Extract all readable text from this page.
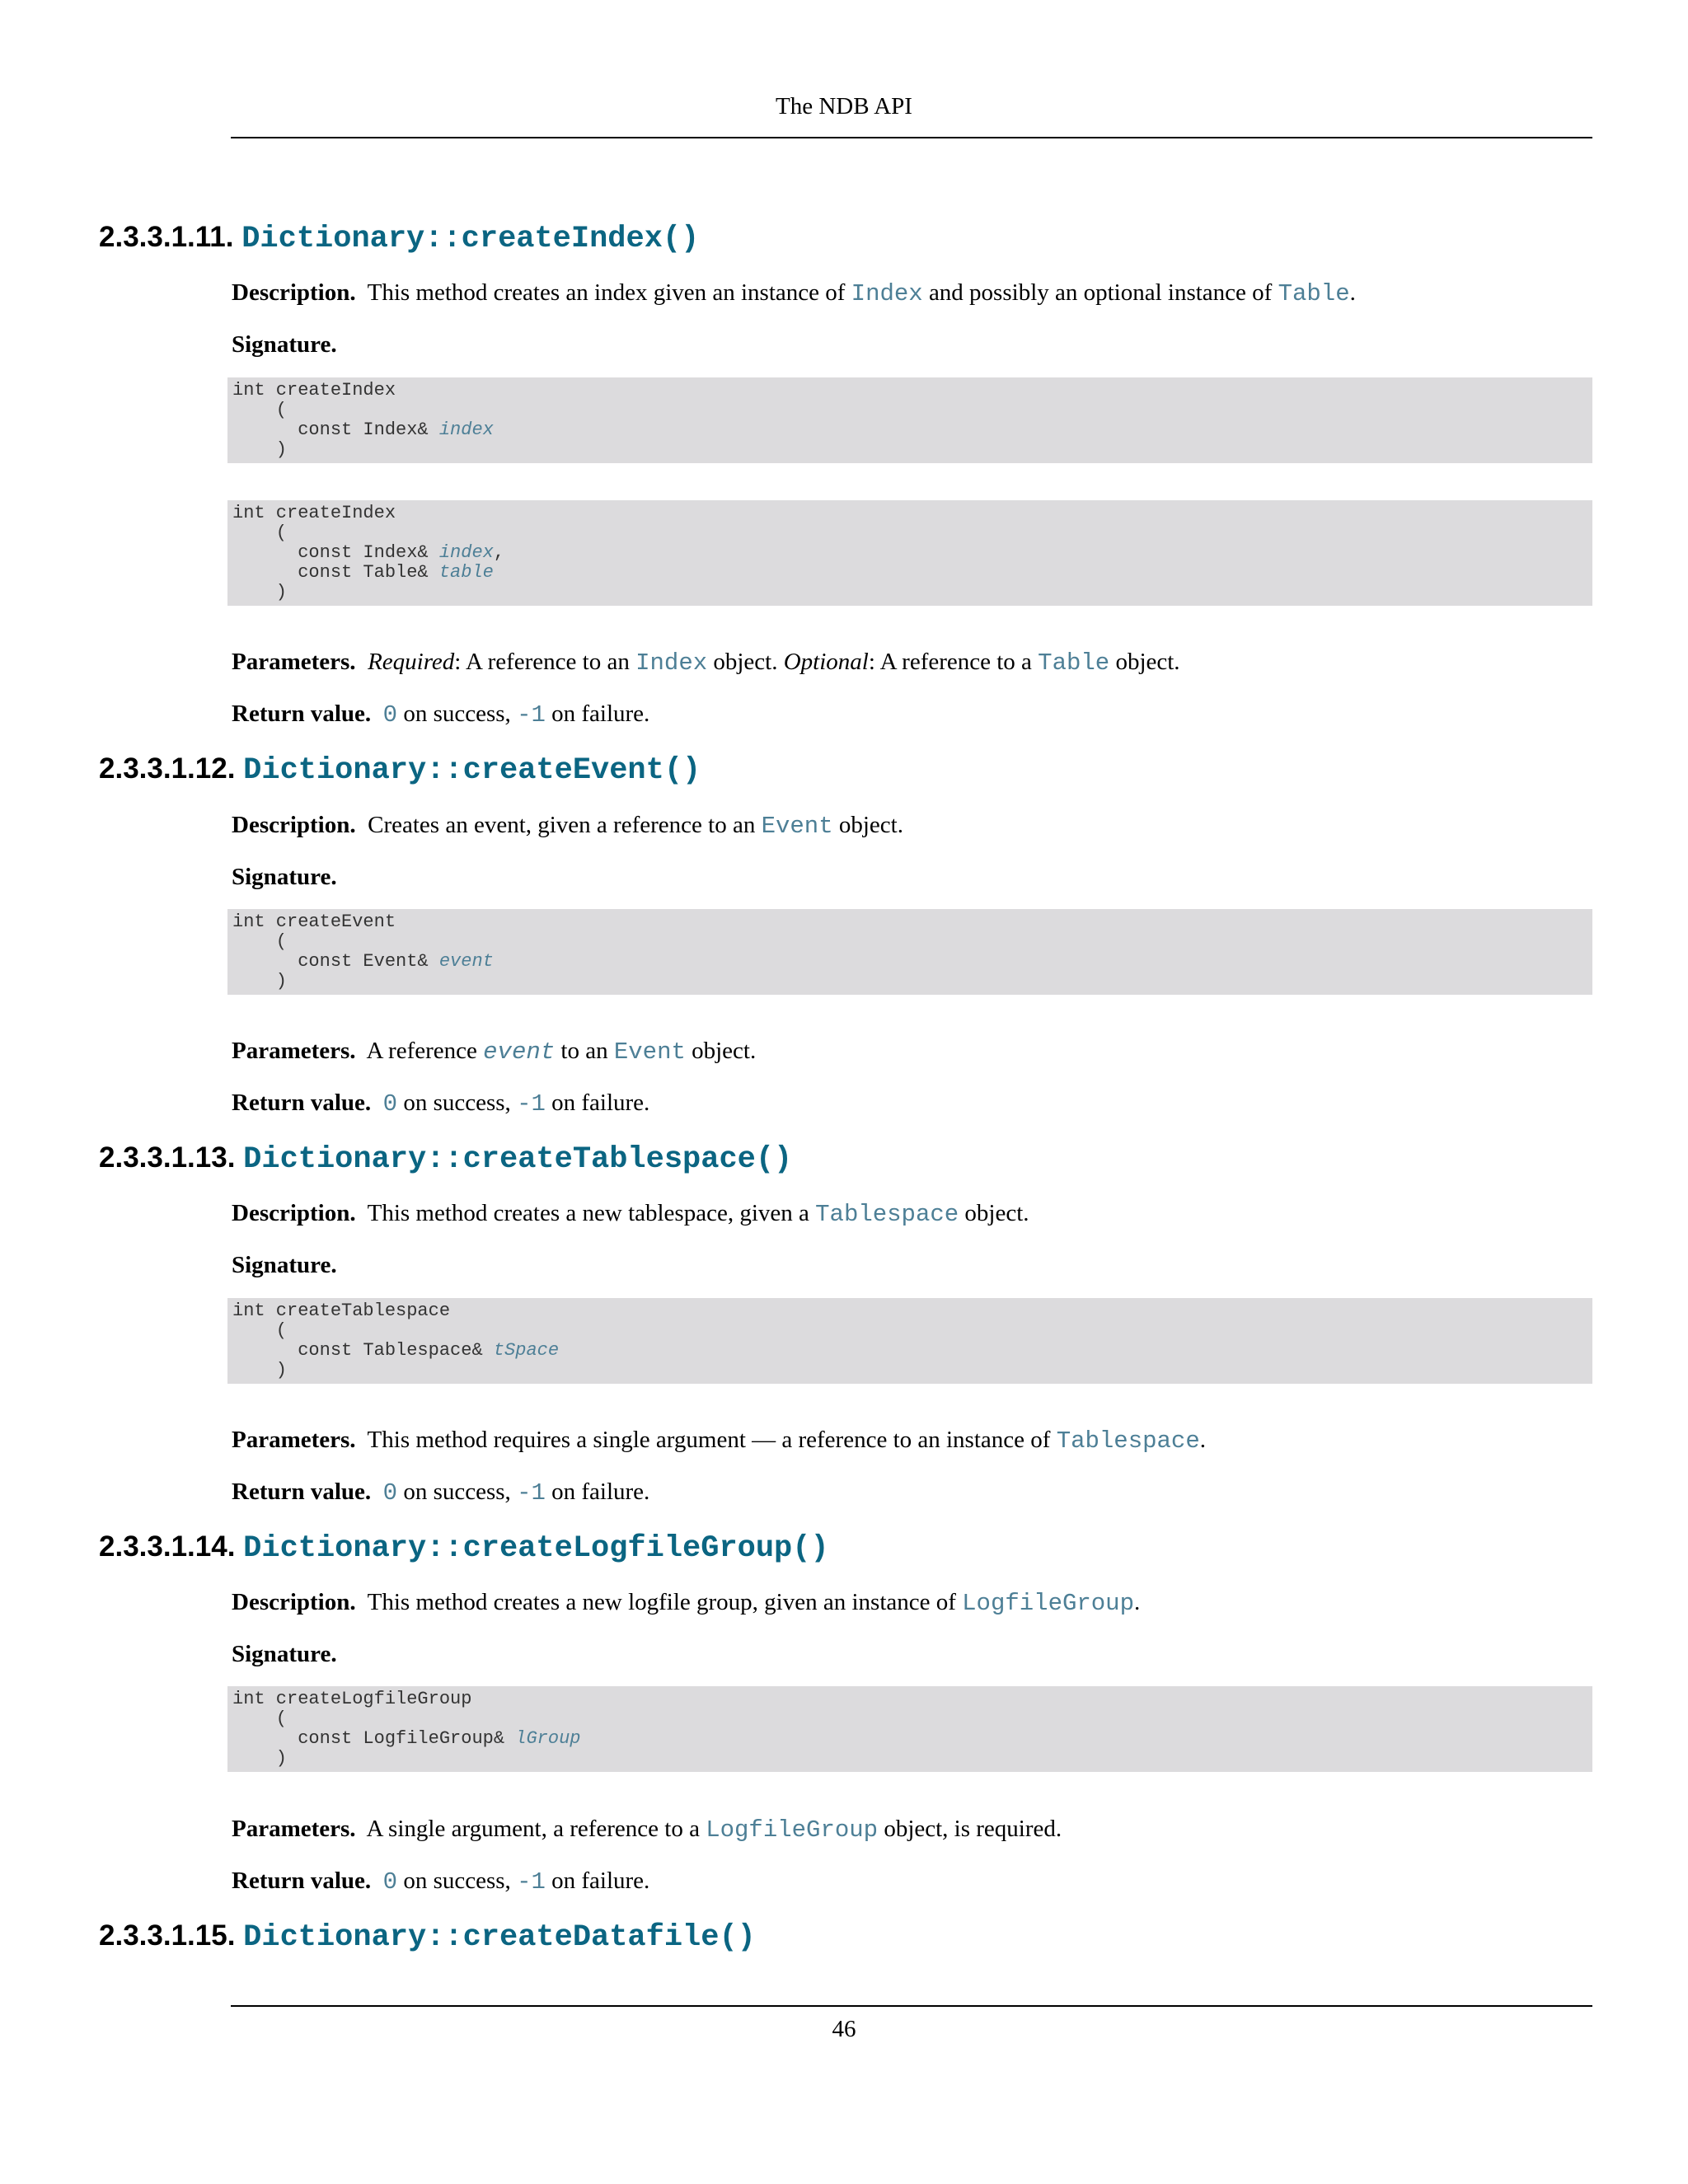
The NDB API
2.3.3.1.11. Dictionary::createIndex()

Description. This method creates an index given an instance of Index and possibly an optional instance of Table.

Signature.

int createIndex
(
const Index& index
)
int createIndex
(
const Index& index,
const Table& table
)

Parameters. Required: A reference to an Index object. Optional: A reference to a Table object.

Return value. 0 on success, -1 on failure.

2.3.3.1.12. Dictionary::createEvent()

Description. Creates an event, given a reference to an Event object.

Signature.

int createEvent
(
const Event& event
)

Parameters. A reference event to an Event object.

Return value. 0 on success, -1 on failure.

2.3.3.1.13. Dictionary::createTablespace()

Description. This method creates a new tablespace, given a Tablespace object.

Signature.

int createTablespace
(
const Tablespace& tSpace
)

Parameters. This method requires a single argument — a reference to an instance of Tablespace.

Return value. 0 on success, -1 on failure.

2.3.3.1.14. Dictionary::createLogfileGroup()

Description. This method creates a new logfile group, given an instance of LogfileGroup.

Signature.

int createLogfileGroup
(
const LogfileGroup& lGroup
)

Parameters. A single argument, a reference to a LogfileGroup object, is required.

Return value. 0 on success, -1 on failure.

2.3.3.1.15. Dictionary::createDatafile()
46
